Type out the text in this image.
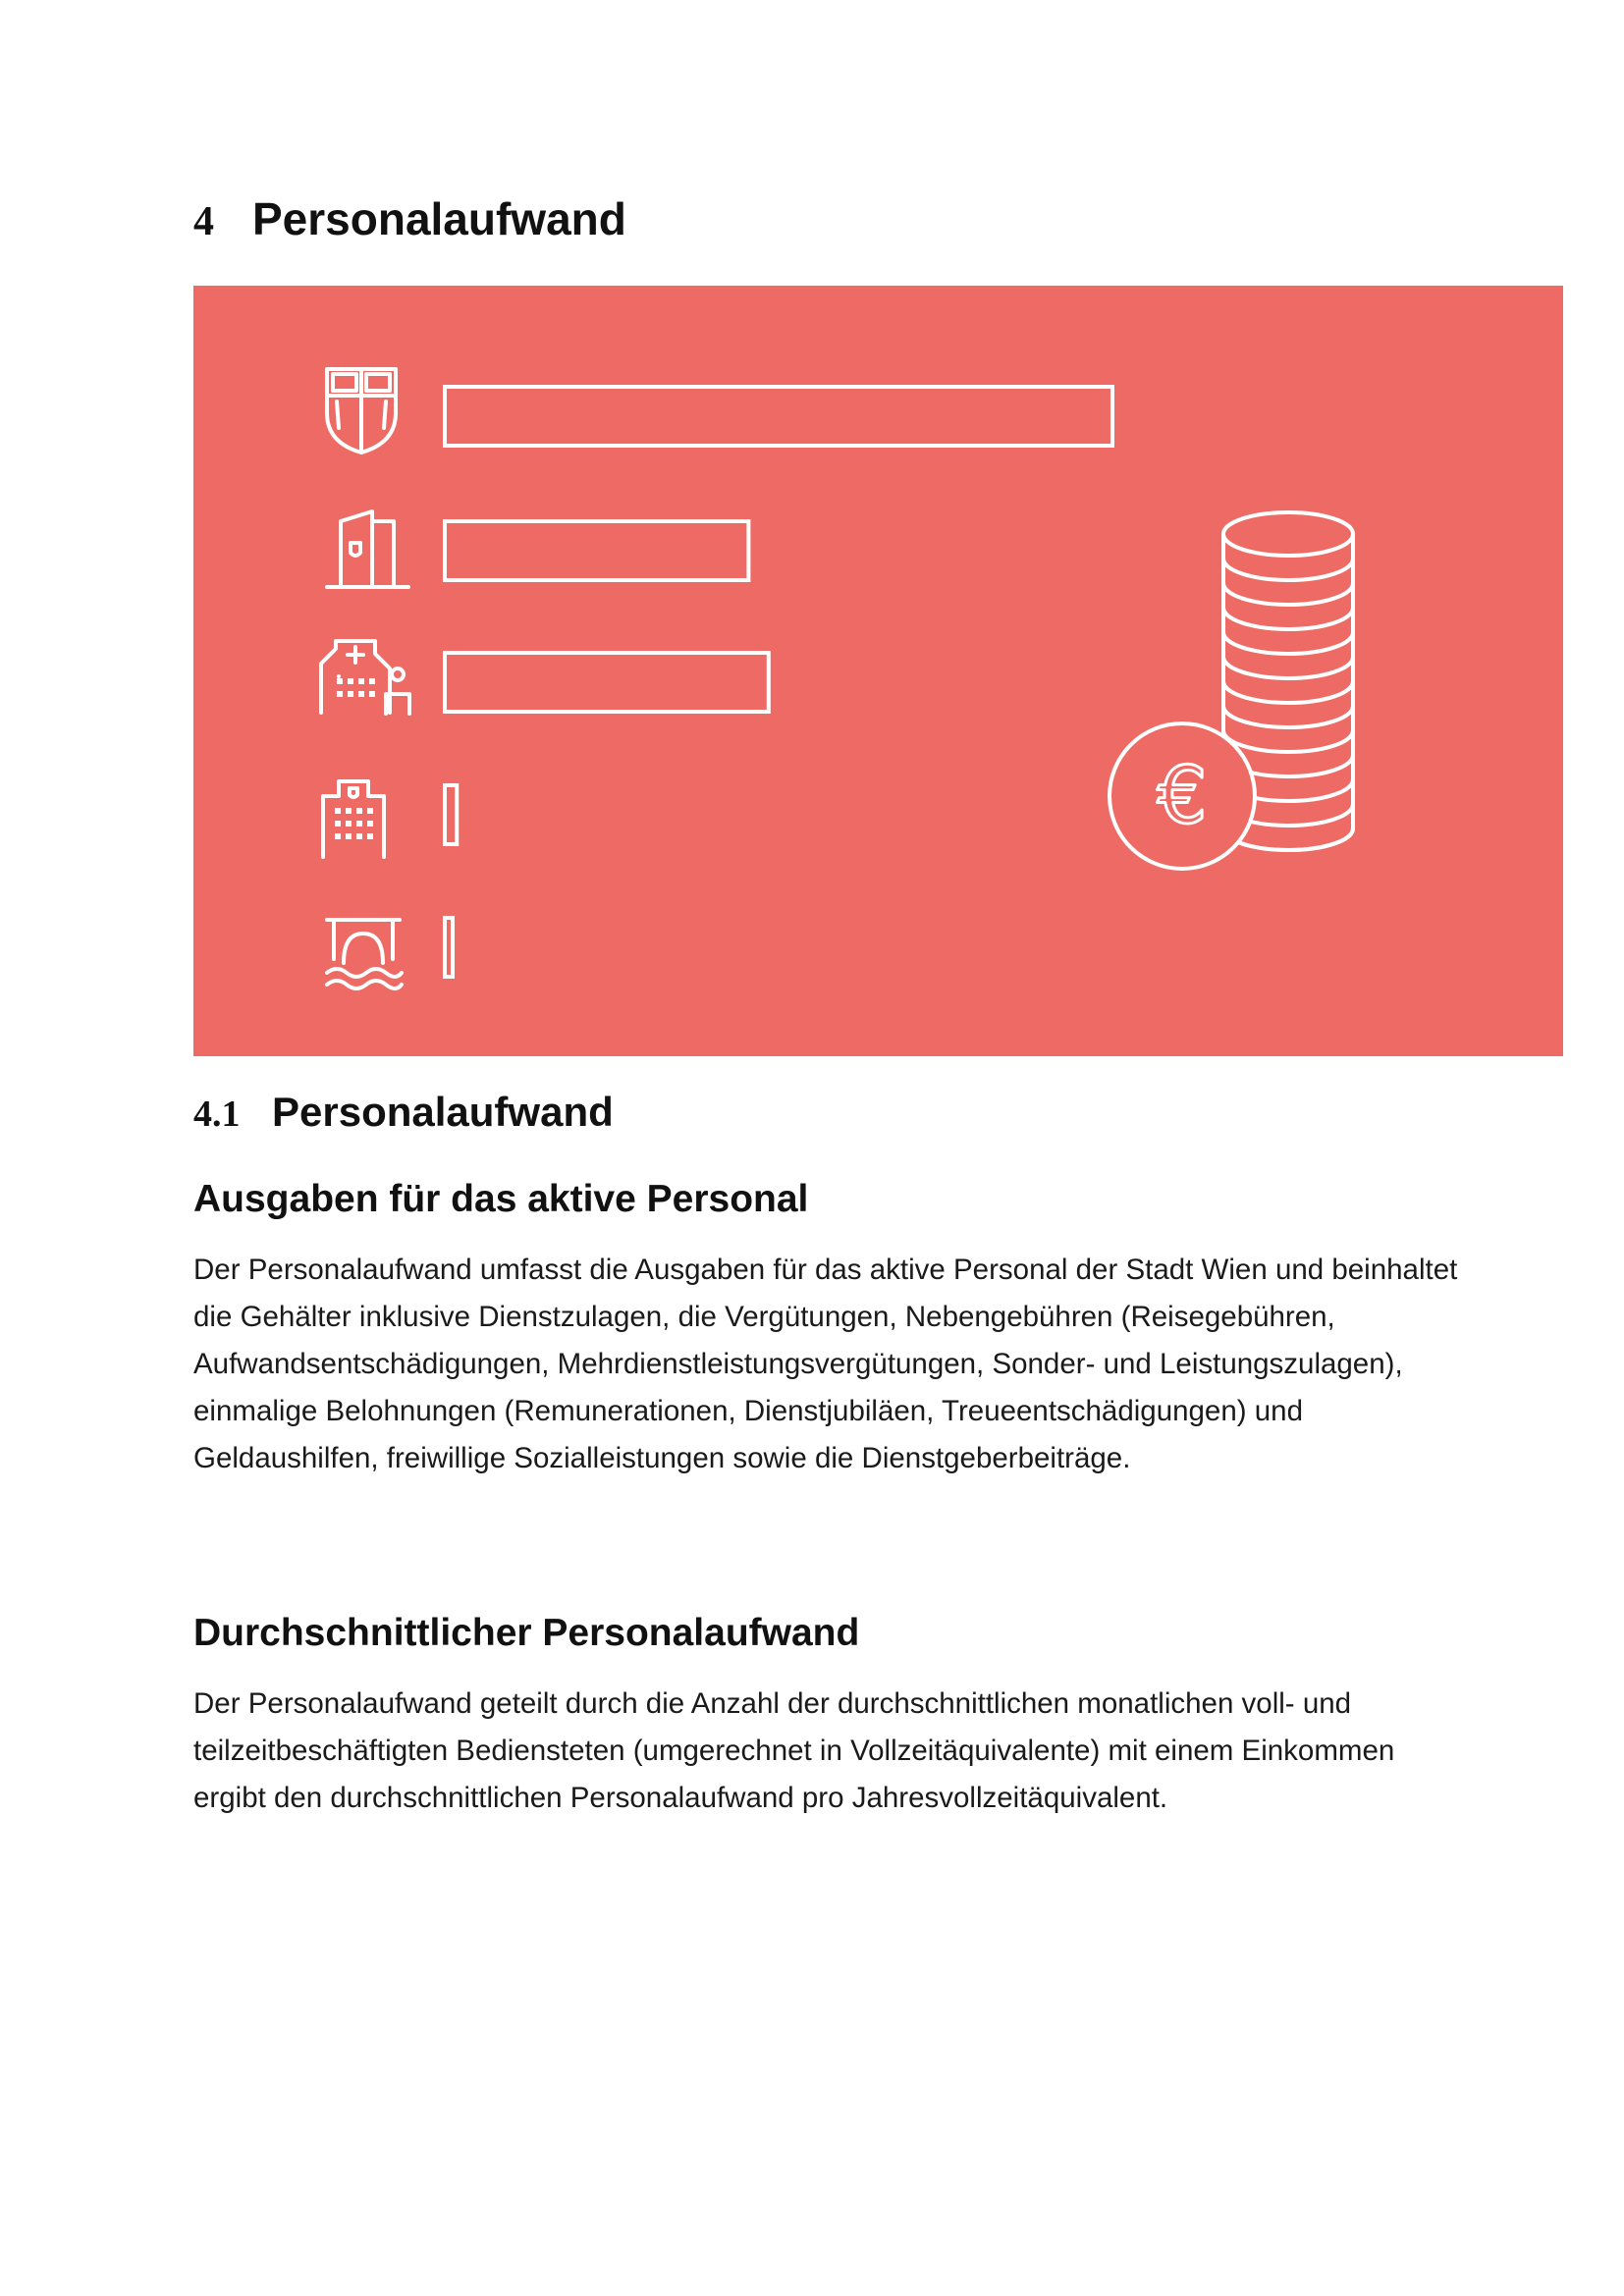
4 Personalaufwand
€
4.1 Personalaufwand
Ausgaben für das aktive Personal

Der Personalaufwand umfasst die Ausgaben für das aktive Personal der Stadt Wien und beinhaltet die Gehälter inklusive Dienstzulagen, die Vergütungen, Nebengebühren (Reisegebühren, Aufwandsentschädigungen, Mehrdienstleistungsvergütungen, Sonder- und Leistungszulagen), einmalige Belohnungen (Remunerationen, Dienstjubiläen, Treueentschädigungen) und Geldaushilfen, freiwillige Sozialleistungen sowie die Dienstgeberbeiträge.

Durchschnittlicher Personalaufwand

Der Personalaufwand geteilt durch die Anzahl der durchschnittlichen monatlichen voll- und teilzeitbeschäftigten Bediensteten (umgerechnet in Vollzeitäquivalente) mit einem Einkommen ergibt den durchschnittlichen Personalaufwand pro Jahresvollzeitäquivalent.
